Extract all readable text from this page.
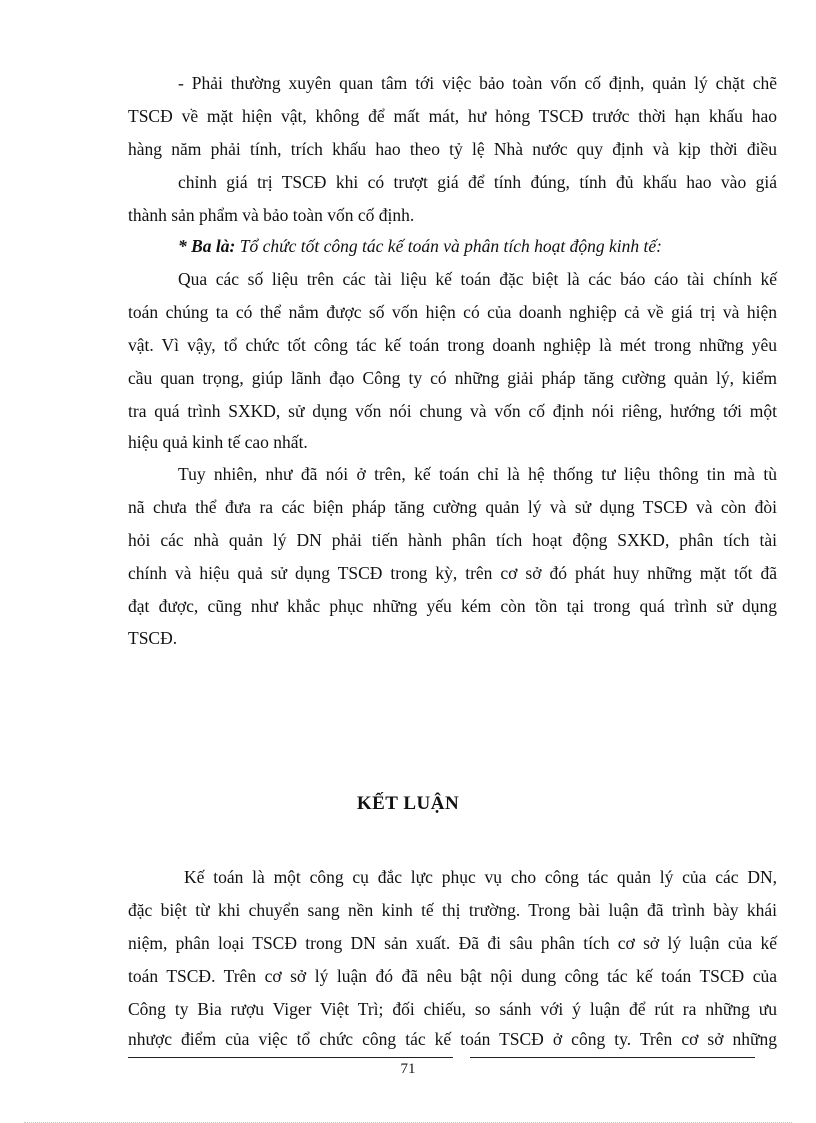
- Phải thường xuyên quan tâm tới việc bảo toàn vốn cố định, quản lý chặt chẽ
TSCĐ về mặt hiện vật, không để mất mát, hư hỏng TSCĐ trước thời hạn khấu hao
hàng năm phải tính, trích khấu hao theo tỷ lệ Nhà nước quy định và kịp thời điều
chỉnh giá trị TSCĐ khi có trượt giá để tính đúng, tính đủ khấu hao vào giá
thành sản phẩm và bảo toàn vốn cố định.
* Ba là: Tổ chức tốt công tác kế toán và phân tích hoạt động kinh tế:
Qua các số liệu trên các tài liệu kế toán đặc biệt là các báo cáo tài chính kế
toán chúng ta có thể nắm được số vốn hiện có của doanh nghiệp cả về giá trị và hiện
vật. Vì vậy, tổ chức tốt công tác kế toán trong doanh nghiệp là mét trong những yêu
cầu quan trọng, giúp lãnh đạo Công ty có những giải pháp tăng cường quản lý, kiểm
tra quá trình SXKD, sử dụng vốn nói chung và vốn cố định nói riêng, hướng tới một
hiệu quả kinh tế cao nhất.
Tuy nhiên, như đã nói ở trên, kế toán chỉ là hệ thống tư liệu thông tin mà tù
nã chưa thể đưa ra các biện pháp tăng cường quản lý và sử dụng TSCĐ và còn đòi
hỏi các nhà quản lý DN phải tiến hành phân tích hoạt động SXKD, phân tích tài
chính và hiệu quả sử dụng TSCĐ trong kỳ, trên cơ sở đó phát huy những mặt tốt đã
đạt được, cũng như khắc phục những yếu kém còn tồn tại trong quá trình sử dụng
TSCĐ.
KẾT LUẬN
Kế toán là một công cụ đắc lực phục vụ cho công tác quản lý của các DN,
đặc biệt từ khi chuyển sang nền kinh tế thị trường. Trong bài luận đã trình bày khái
niệm, phân loại TSCĐ trong DN sản xuất. Đã đi sâu phân tích cơ sở lý luận của kế
toán TSCĐ. Trên cơ sở lý luận đó đã nêu bật nội dung công tác kế toán TSCĐ của
Công ty Bia rượu Viger Việt Trì; đối chiếu, so sánh với ý luận để rút ra những ưu
nhược điểm của việc tổ chức công tác kế toán TSCĐ ở công ty. Trên cơ sở những
71
